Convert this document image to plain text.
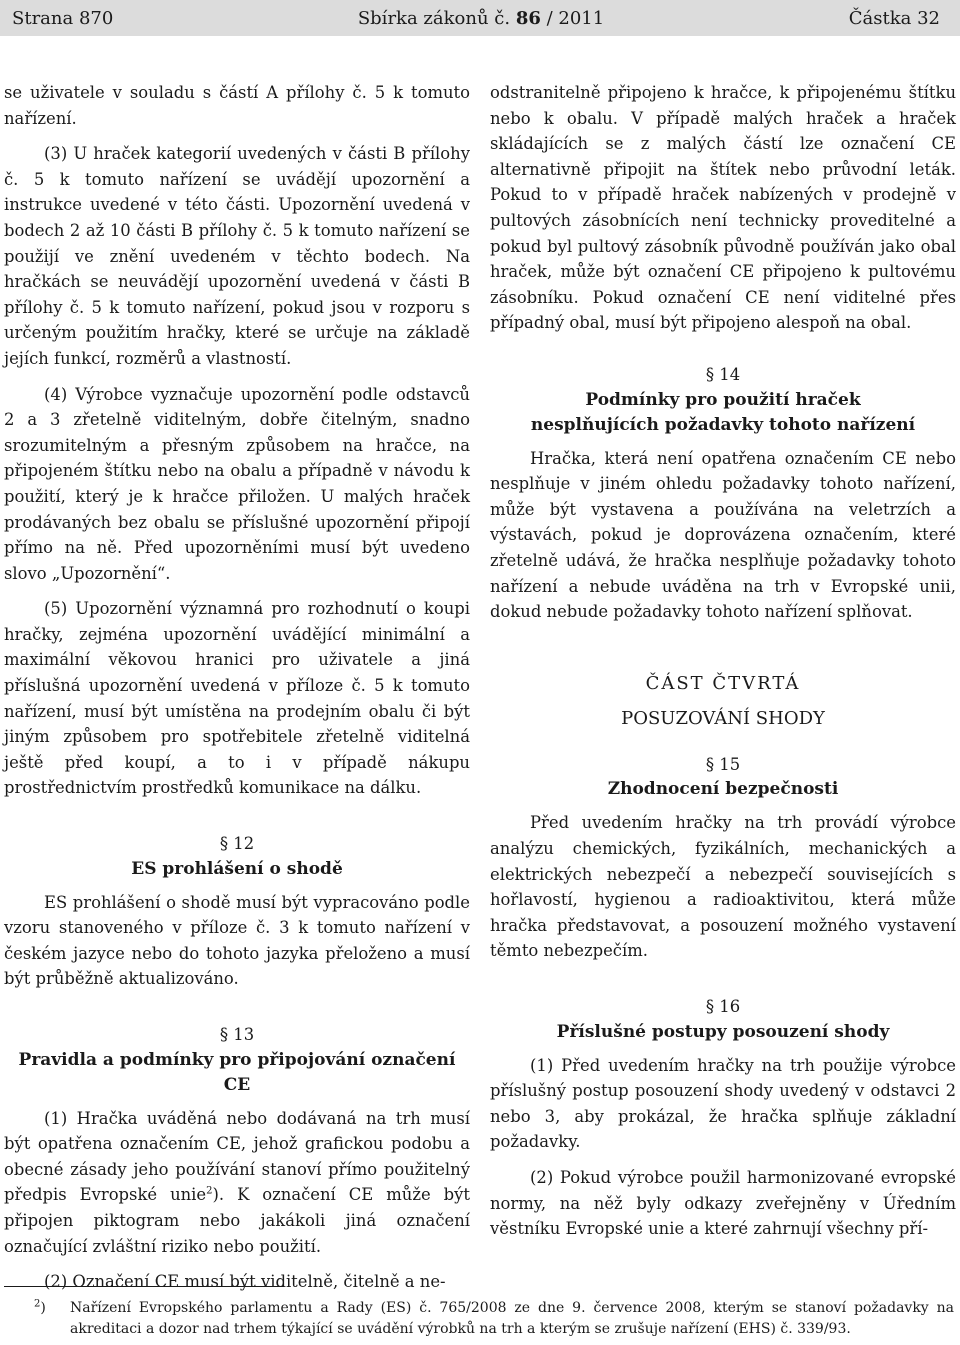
Strana 870	Sbírka zákonů č. 86 / 2011	Částka 32

se uživatele v souladu s částí A přílohy č. 5 k tomuto nařízení.

(3) U hraček kategorií uvedených v části B přílohy č. 5 k tomuto nařízení se uvádějí upozornění a instrukce uvedené v této části. Upozornění uvedená v bodech 2 až 10 části B přílohy č. 5 k tomuto nařízení se použijí ve znění uvedeném v těchto bodech. Na hračkách se neuvádějí upozornění uvedená v části B přílohy č. 5 k tomuto nařízení, pokud jsou v rozporu s určeným použitím hračky, které se určuje na základě jejích funkcí, rozměrů a vlastností.

(4) Výrobce vyznačuje upozornění podle odstavců 2 a 3 zřetelně viditelným, dobře čitelným, snadno srozumitelným a přesným způsobem na hračce, na připojeném štítku nebo na obalu a případně v návodu k použití, který je k hračce přiložen. U malých hraček prodávaných bez obalu se příslušné upozornění připojí přímo na ně. Před upozorněními musí být uvedeno slovo „Upozornění“.

(5) Upozornění významná pro rozhodnutí o koupi hračky, zejména upozornění uvádějící minimální a maximální věkovou hranici pro uživatele a jiná příslušná upozornění uvedená v příloze č. 5 k tomuto nařízení, musí být umístěna na prodejním obalu či být jiným způsobem pro spotřebitele zřetelně viditelná ještě před koupí, a to i v případě nákupu prostřednictvím prostředků komunikace na dálku.

§ 12
ES prohlášení o shodě

ES prohlášení o shodě musí být vypracováno podle vzoru stanoveného v příloze č. 3 k tomuto nařízení v českém jazyce nebo do tohoto jazyka přeloženo a musí být průběžně aktualizováno.

§ 13
Pravidla a podmínky pro připojování označení CE

(1) Hračka uváděná nebo dodávaná na trh musí být opatřena označením CE, jehož grafickou podobu a obecné zásady jeho používání stanoví přímo použitelný předpis Evropské unie$^2$). K označení CE může být připojen piktogram nebo jakákoli jiná označení označující zvláštní riziko nebo použití.

(2) Označení CE musí být viditelně, čitelně a ne-

odstranitelně připojeno k hračce, k připojenému štítku nebo k obalu. V případě malých hraček a hraček skládajících se z malých částí lze označení CE alternativně připojit na štítek nebo průvodní leták. Pokud to v případě hraček nabízených v prodejně v pultových zásobnících není technicky proveditelné a pokud byl pultový zásobník původně používán jako obal hraček, může být označení CE připojeno k pultovému zásobníku. Pokud označení CE není viditelné přes případný obal, musí být připojeno alespoň na obal.

§ 14
Podmínky pro použití hraček nesplňujících požadavky tohoto nařízení

Hračka, která není opatřena označením CE nebo nesplňuje v jiném ohledu požadavky tohoto nařízení, může být vystavena a používána na veletrzích a výstavách, pokud je doprovázena označením, které zřetelně udává, že hračka nesplňuje požadavky tohoto nařízení a nebude uváděna na trh v Evropské unii, dokud nebude požadavky tohoto nařízení splňovat.

ČÁST ČTVRTÁ
POSUZOVÁNÍ SHODY
§ 15
Zhodnocení bezpečnosti

Před uvedením hračky na trh provádí výrobce analýzu chemických, fyzikálních, mechanických a elektrických nebezpečí a nebezpečí souvisejících s hořlavostí, hygienou a radioaktivitou, která může hračka představovat, a posouzení možného vystavení těmto nebezpečím.

§ 16
Příslušné postupy posouzení shody

(1) Před uvedením hračky na trh použije výrobce příslušný postup posouzení shody uvedený v odstavci 2 nebo 3, aby prokázal, že hračka splňuje základní požadavky.

(2) Pokud výrobce použil harmonizované evropské normy, na něž byly odkazy zveřejněny v Úředním věstníku Evropské unie a které zahrnují všechny pří-

$^2$) Nařízení Evropského parlamentu a Rady (ES) č. 765/2008 ze dne 9. července 2008, kterým se stanoví požadavky na akreditaci a dozor nad trhem týkající se uvádění výrobků na trh a kterým se zrušuje nařízení (EHS) č. 339/93.
